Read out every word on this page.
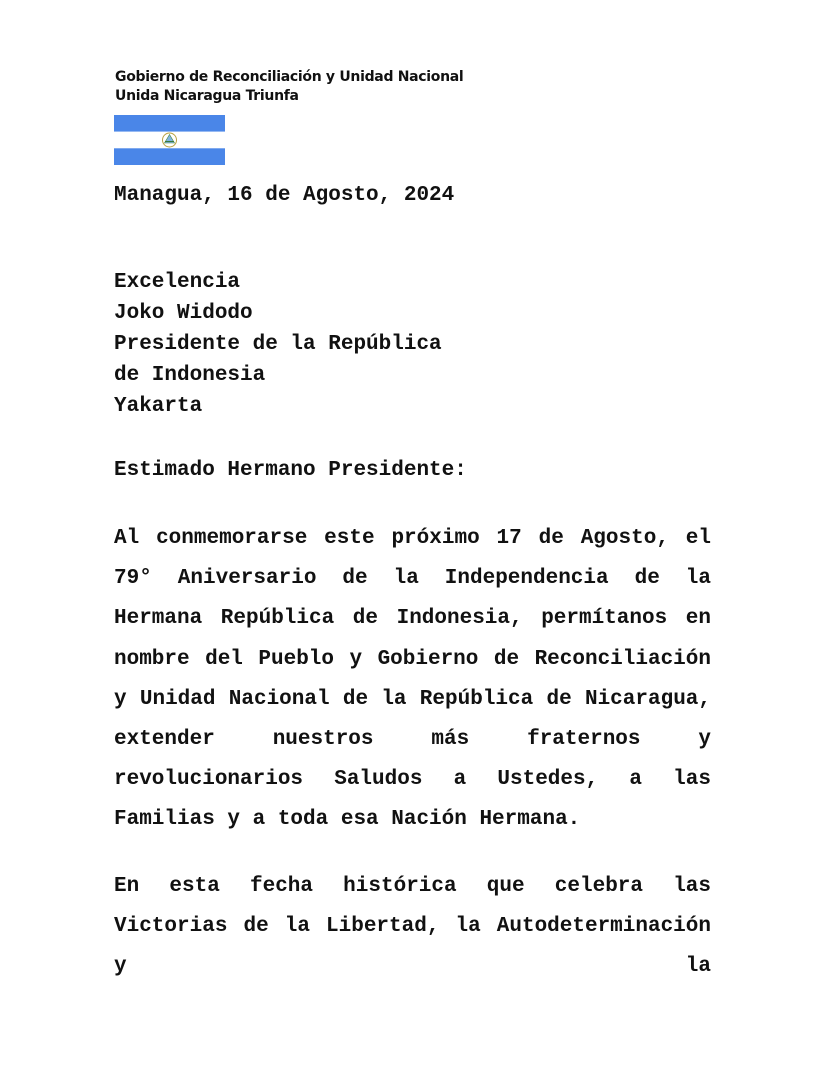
Gobierno de Reconciliación y Unidad Nacional
Unida Nicaragua Triunfa
Managua, 16 de Agosto, 2024
Excelencia
Joko Widodo
Presidente de la República
de Indonesia
Yakarta
Estimado Hermano Presidente:

Al conmemorarse este próximo 17 de Agosto, el 79° Aniversario de la Independencia de la Hermana República de Indonesia, permítanos en nombre del Pueblo y Gobierno de Reconciliación y Unidad Nacional de la República de Nicaragua, extender nuestros más fraternos y revolucionarios Saludos a Ustedes, a las Familias y a toda esa Nación Hermana.

En esta fecha histórica que celebra las Victorias de la Libertad, la Autodeterminación y la
